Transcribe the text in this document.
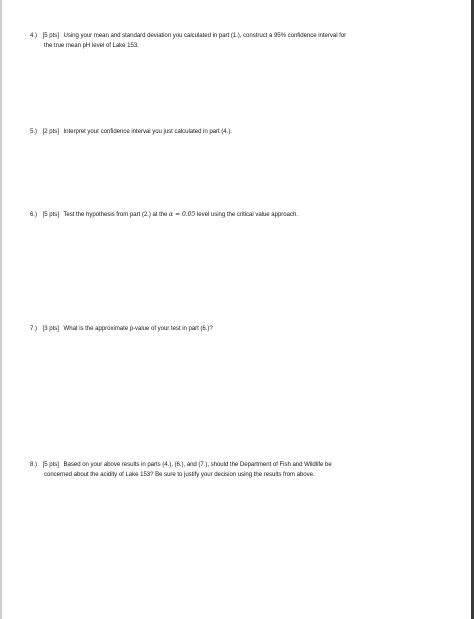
4.) [5 pts] Using your mean and standard deviation you calculated in part (1.), construct a 95% confidence interval for
the true mean pH level of Lake 153.
5.) [2 pts] Interpret your confidence interval you just calculated in part (4.).
6.) [5 pts] Test the hypothesis from part (2.) at the α = 0.05 level using the critical value approach.
7.) [3 pts] What is the approximate p-value of your test in part (6.)?
8.) [5 pts] Based on your above results in parts (4.), (6.), and (7.), should the Department of Fish and Wildlife be
concerned about the acidity of Lake 153? Be sure to justify your decision using the results from above.
